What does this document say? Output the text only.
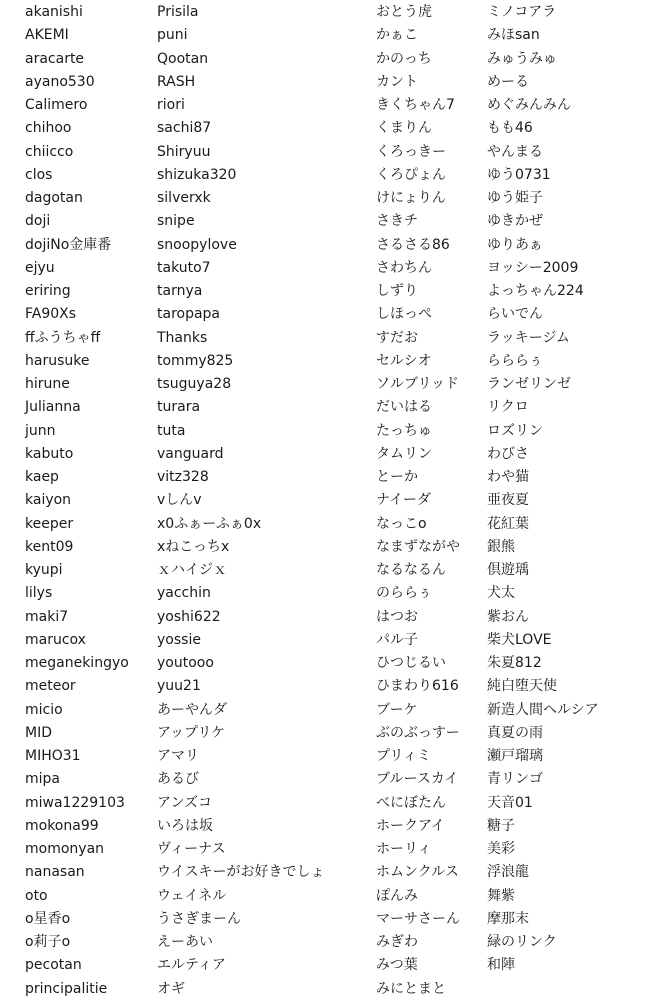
akanishi
AKEMI
aracarte
ayano530
Calimero
chihoo
chiicco
clos
dagotan
doji
dojiNo金庫番
ejyu
eriring
FA90Xs
ffふうちゃff
harusuke
hirune
Julianna
junn
kabuto
kaep
kaiyon
keeper
kent09
kyupi
lilys
maki7
marucox
meganekingyo
meteor
micio
MID
MIHO31
mipa
miwa1229103
mokona99
momonyan
nanasan
oto
o星香o
o莉子o
pecotan
principalitie
Prisila
puni
Qootan
RASH
riori
sachi87
Shiryuu
shizuka320
silverxk
snipe
snoopylove
takuto7
tarnya
taropapa
Thanks
tommy825
tsuguya28
turara
tuta
vanguard
vitz328
vしんv
x0ふぁーふぁ0x
xねこっちx
ｘハイジｘ
yacchin
yoshi622
yossie
youtooo
yuu21
あーやんダ
アップリケ
アマリ
あるび
アンズコ
いろは坂
ヴィーナス
ウイスキーがお好きでしょ
ウェイネル
うさぎまーん
えーあい
エルティア
オギ
おとう虎
かぁこ
かのっち
カント
きくちゃん7
くまりん
くろっきー
くろぴょん
けにょりん
さきチ
さるさる86
さわちん
しずり
しほっぺ
すだお
セルシオ
ソルブリッド
だいはる
たっちゅ
タムリン
とーか
ナイーダ
なっこo
なまずながや
なるなるん
のららぅ
はつお
パル子
ひつじるい
ひまわり616
ブーケ
ぶのぶっすー
プリィミ
ブルースカイ
べにぼたん
ホークアイ
ホーリィ
ホムンクルス
ぽんみ
マーサさーん
みぎわ
みつ葉
みにとまと
ミノコアラ
みほsan
みゅうみゅ
めーる
めぐみんみん
もも46
やんまる
ゆう0731
ゆう姫子
ゆきかぜ
ゆりあぁ
ヨッシー2009
よっちゃん224
らいでん
ラッキージム
らららぅ
ランゼリンゼ
リクロ
ロズリン
わびさ
わや猫
亜夜夏
花紅葉
銀熊
倶遊瑀
犬太
紫おん
柴犬LOVE
朱夏812
純白堕天使
新造人間ヘルシア
真夏の雨
瀬戸瑠璃
青リンゴ
天音01
糖子
美彩
浮浪龍
舞紫
摩那末
緑のリンク
和陣
